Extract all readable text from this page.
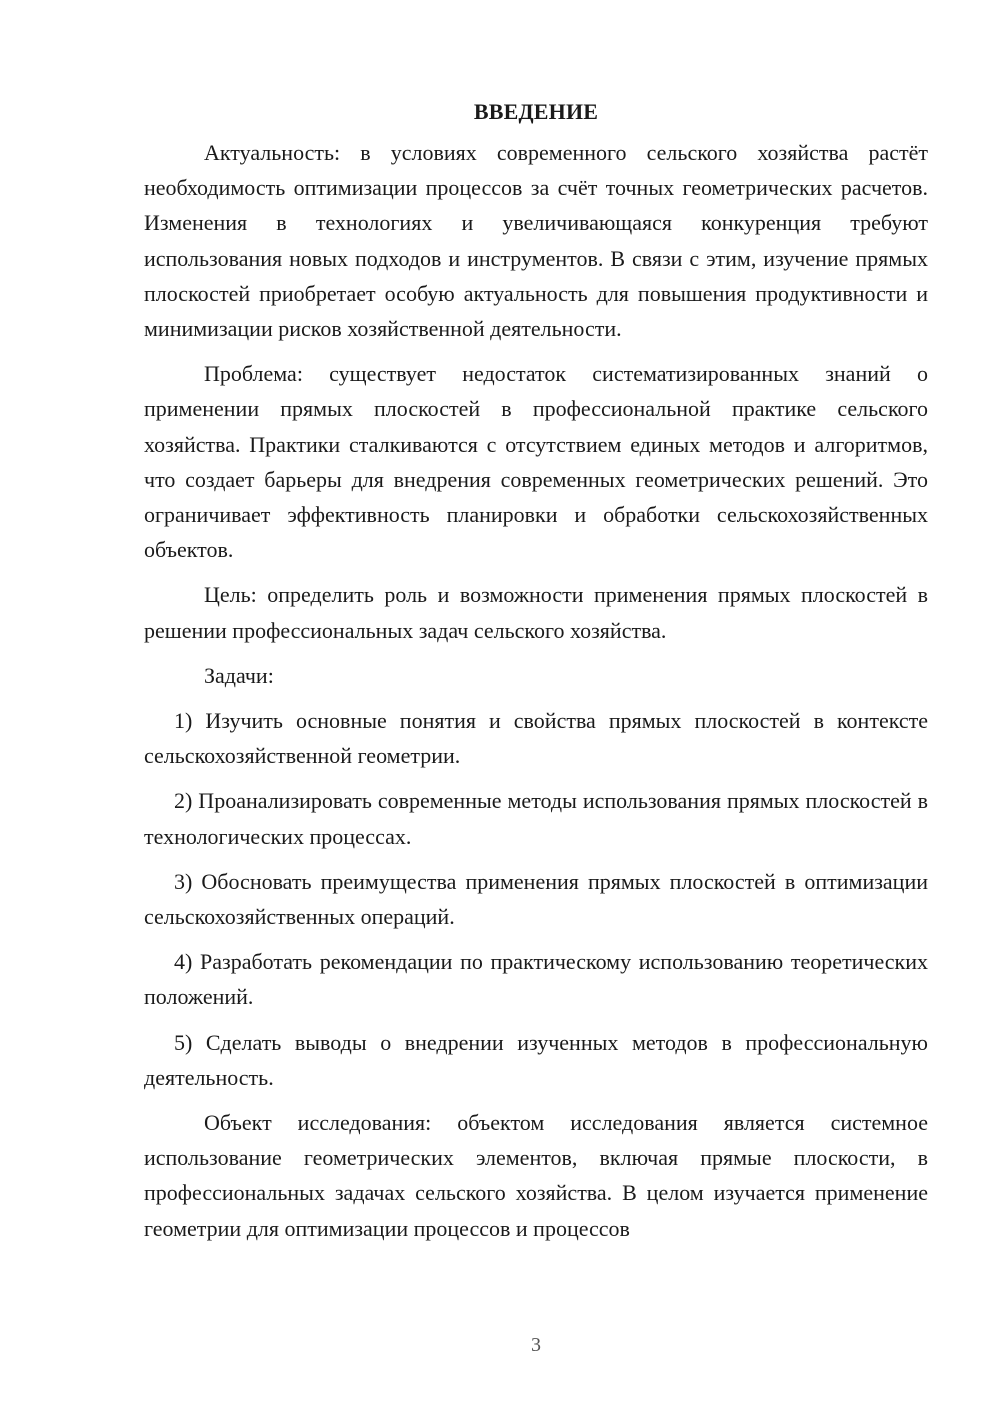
ВВЕДЕНИЕ

Актуальность: в условиях современного сельского хозяйства растёт необходимость оптимизации процессов за счёт точных геометрических расчетов. Изменения в технологиях и увеличивающаяся конкуренция требуют использования новых подходов и инструментов. В связи с этим, изучение прямых плоскостей приобретает особую актуальность для повышения продуктивности и минимизации рисков хозяйственной деятельности.

Проблема: существует недостаток систематизированных знаний о применении прямых плоскостей в профессиональной практике сельского хозяйства. Практики сталкиваются с отсутствием единых методов и алгоритмов, что создает барьеры для внедрения современных геометрических решений. Это ограничивает эффективность планировки и обработки сельскохозяйственных объектов.

Цель: определить роль и возможности применения прямых плоскостей в решении профессиональных задач сельского хозяйства.

Задачи:

1) Изучить основные понятия и свойства прямых плоскостей в контексте сельскохозяйственной геометрии.

2) Проанализировать современные методы использования прямых плоскостей в технологических процессах.

3) Обосновать преимущества применения прямых плоскостей в оптимизации сельскохозяйственных операций.

4) Разработать рекомендации по практическому использованию теоретических положений.

5) Сделать выводы о внедрении изученных методов в профессиональную деятельность.

Объект исследования: объектом исследования является системное использование геометрических элементов, включая прямые плоскости, в профессиональных задачах сельского хозяйства. В целом изучается применение геометрии для оптимизации процессов и процессов

3
